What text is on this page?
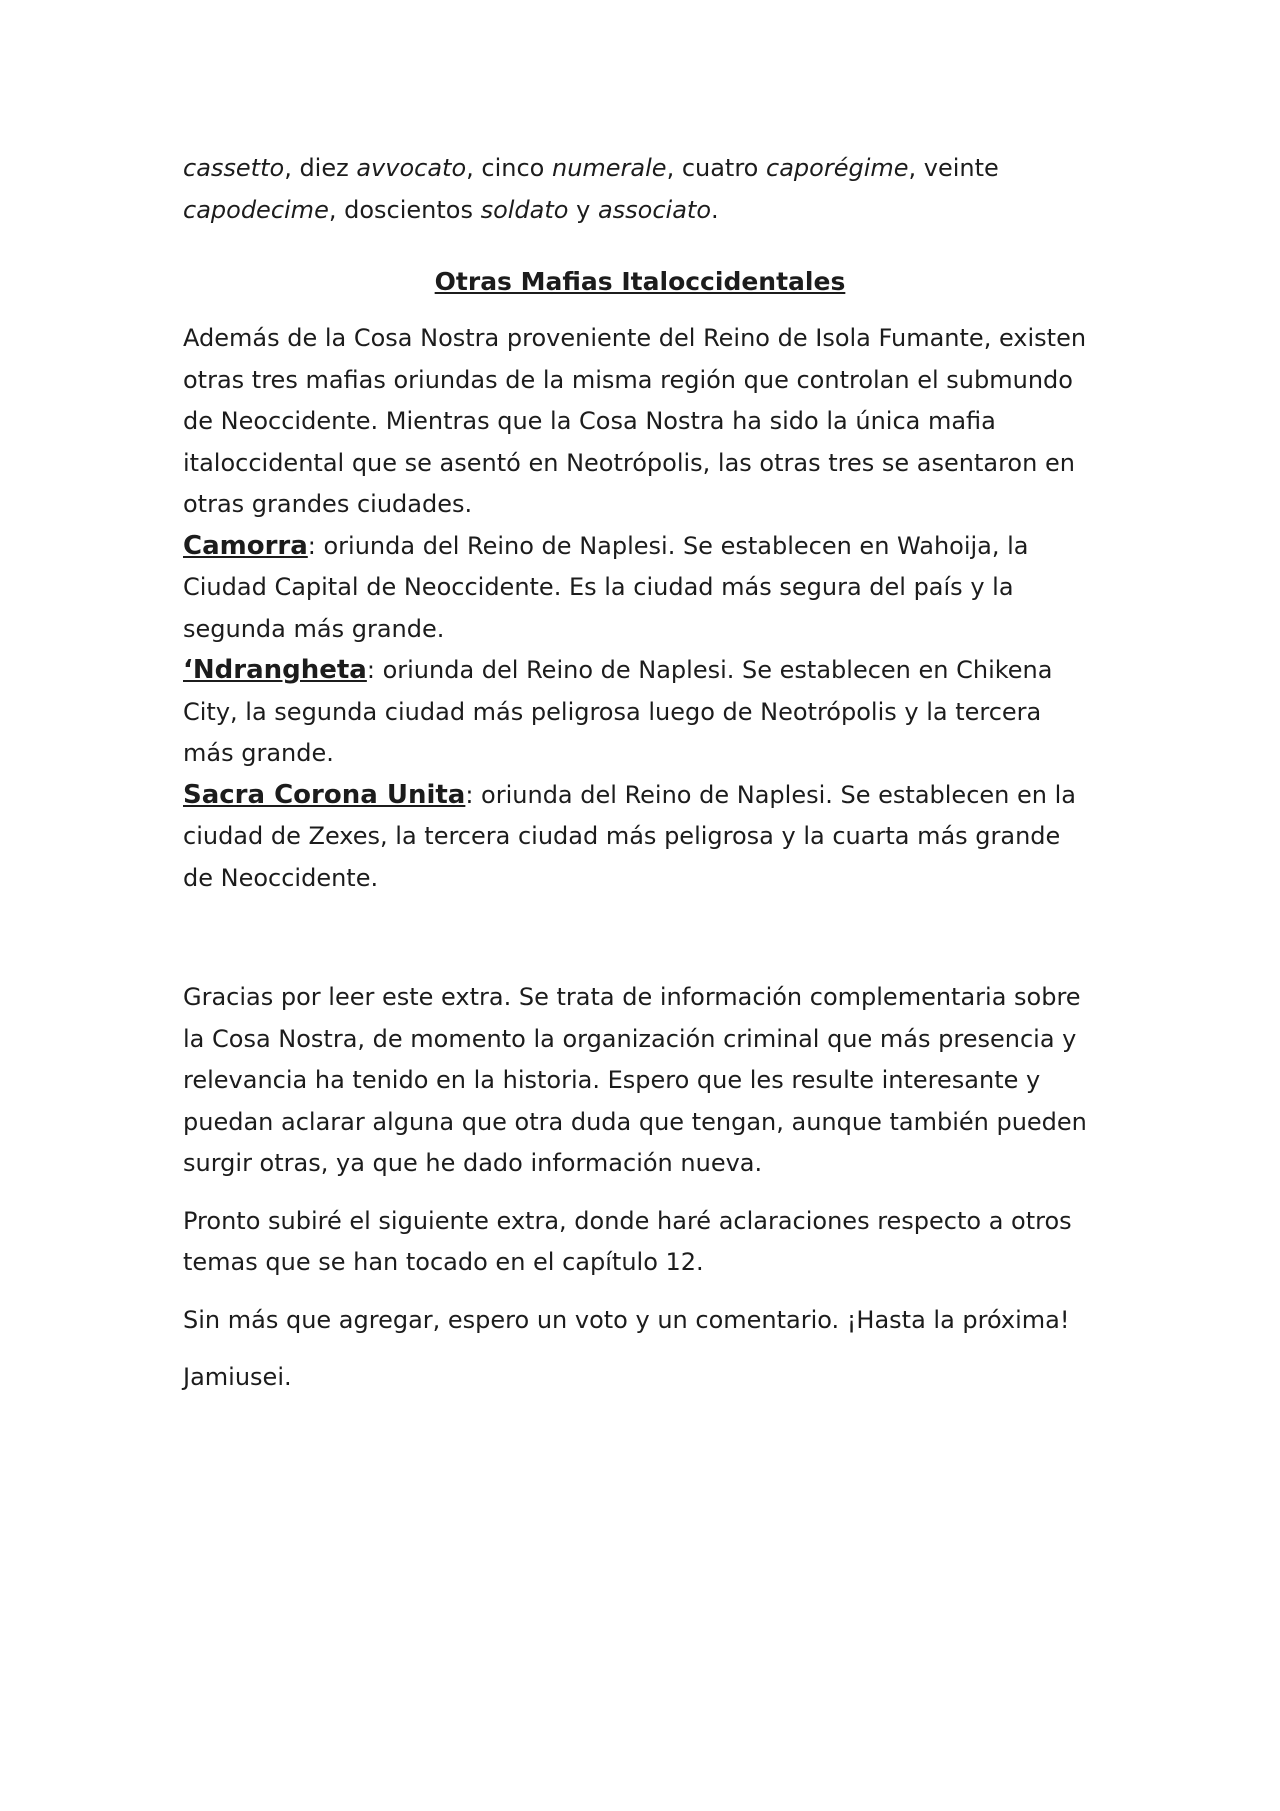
cassetto, diez avvocato, cinco numerale, cuatro caporégime, veinte capodecime, doscientos soldato y associato.

Otras Mafias Italoccidentales

Además de la Cosa Nostra proveniente del Reino de Isola Fumante, existen otras tres mafias oriundas de la misma región que controlan el submundo de Neoccidente. Mientras que la Cosa Nostra ha sido la única mafia italoccidental que se asentó en Neotrópolis, las otras tres se asentaron en otras grandes ciudades.

Camorra: oriunda del Reino de Naplesi. Se establecen en Wahoija, la Ciudad Capital de Neoccidente. Es la ciudad más segura del país y la segunda más grande.

‘Ndrangheta: oriunda del Reino de Naplesi. Se establecen en Chikena City, la segunda ciudad más peligrosa luego de Neotrópolis y la tercera más grande.

Sacra Corona Unita: oriunda del Reino de Naplesi. Se establecen en la ciudad de Zexes, la tercera ciudad más peligrosa y la cuarta más grande de Neoccidente.

Gracias por leer este extra. Se trata de información complementaria sobre la Cosa Nostra, de momento la organización criminal que más presencia y relevancia ha tenido en la historia. Espero que les resulte interesante y puedan aclarar alguna que otra duda que tengan, aunque también pueden surgir otras, ya que he dado información nueva.

Pronto subiré el siguiente extra, donde haré aclaraciones respecto a otros temas que se han tocado en el capítulo 12.

Sin más que agregar, espero un voto y un comentario. ¡Hasta la próxima!

Jamiusei.
